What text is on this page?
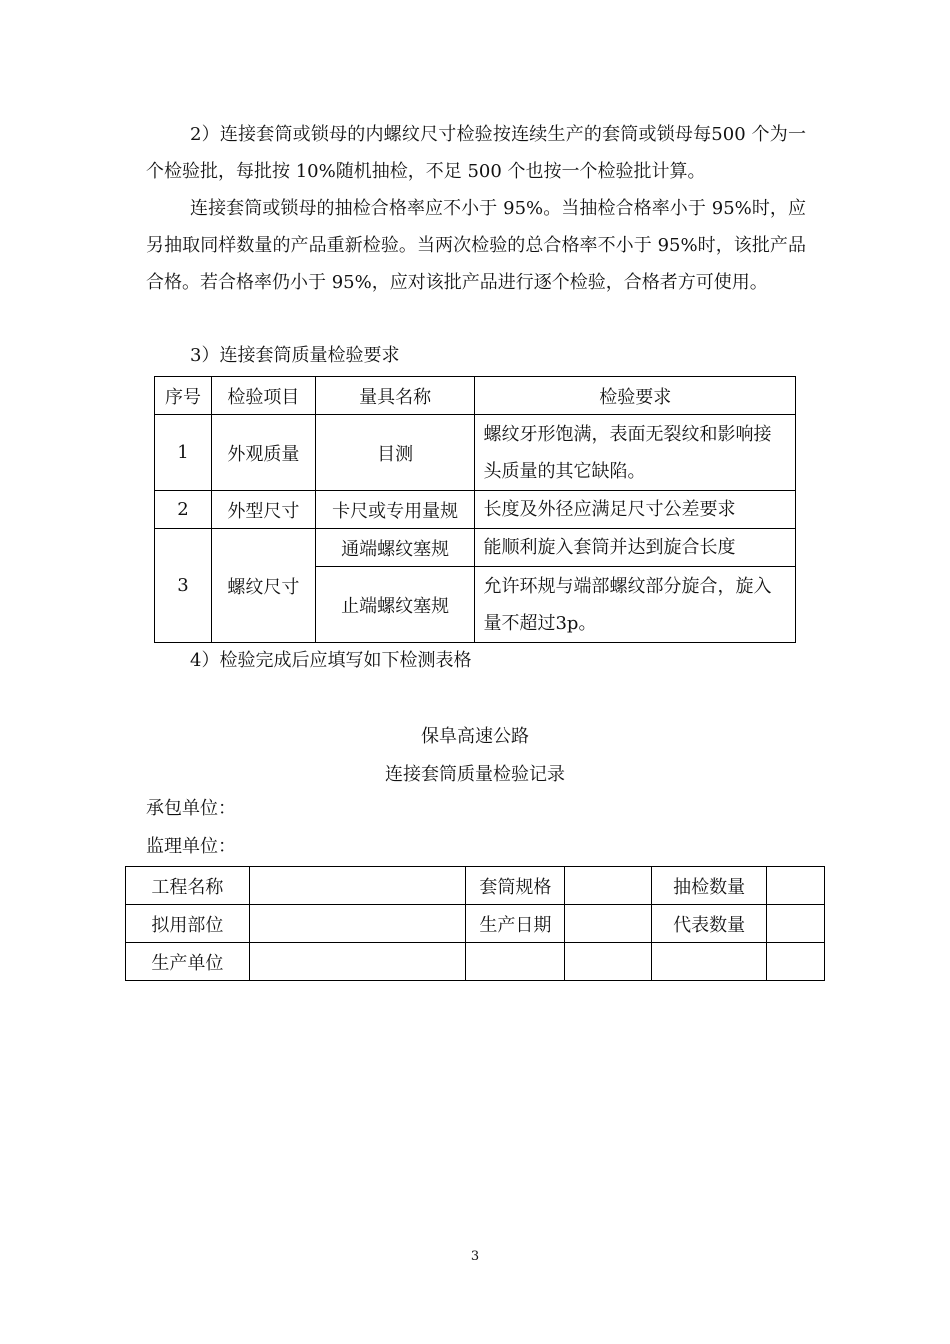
2）连接套筒或锁母的内螺纹尺寸检验按连续生产的套筒或锁母每500 个为一个检验批，每批按 10%随机抽检，不足 500 个也按一个检验批计算。

连接套筒或锁母的抽检合格率应不小于 95%。当抽检合格率小于 95%时，应另抽取同样数量的产品重新检验。当两次检验的总合格率不小于 95%时，该批产品合格。若合格率仍小于 95%，应对该批产品进行逐个检验，合格者方可使用。

3）连接套筒质量检验要求
序号	检验项目	量具名称	检验要求
1	外观质量	目测	螺纹牙形饱满，表面无裂纹和影响接头质量的其它缺陷。
2	外型尺寸	卡尺或专用量规	长度及外径应满足尺寸公差要求
3	螺纹尺寸	通端螺纹塞规	能顺利旋入套筒并达到旋合长度
		止端螺纹塞规	允许环规与端部螺纹部分旋合，旋入量不超过3p。
4）检验完成后应填写如下检测表格
保阜高速公路
连接套筒质量检验记录
承包单位：
监理单位：
工程名称		套筒规格		抽检数量	
拟用部位		生产日期		代表数量	
生产单位					
3
